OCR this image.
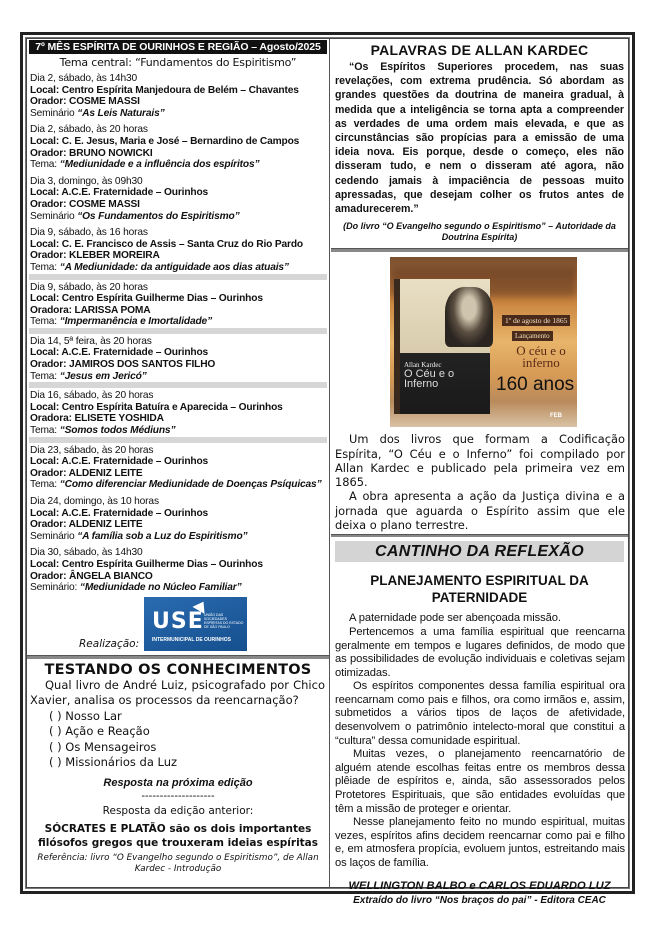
7º MÊS ESPÍRITA DE OURINHOS E REGIÃO – Agosto/2025
Tema central: “Fundamentos do Espiritismo”
Dia 2, sábado, às 14h30
Local: Centro Espírita Manjedoura de Belém – Chavantes
Orador: COSME MASSI
Seminário “As Leis Naturais”
Dia 2, sábado, às 20 horas
Local: C. E. Jesus, Maria e José – Bernardino de Campos
Orador: BRUNO NOWICKI
Tema: “Mediunidade e a influência dos espíritos”
Dia 3, domingo, às 09h30
Local: A.C.E. Fraternidade – Ourinhos
Orador: COSME MASSI
Seminário “Os Fundamentos do Espiritismo”
Dia 9, sábado, às 16 horas
Local: C. E. Francisco de Assis – Santa Cruz do Rio Pardo
Orador: KLEBER MOREIRA
Tema: “A Mediunidade: da antiguidade aos dias atuais”
Dia 9, sábado, às 20 horas
Local: Centro Espírita Guilherme Dias – Ourinhos
Oradora: LARISSA POMA
Tema: “Impermanência e Imortalidade”
Dia 14, 5ª feira, às 20 horas
Local: A.C.E. Fraternidade – Ourinhos
Orador: JAMIROS DOS SANTOS FILHO
Tema: “Jesus em Jericó”
Dia 16, sábado, às 20 horas
Local: Centro Espírita Batuíra e Aparecida – Ourinhos
Oradora: ELISETE YOSHIDA
Tema: “Somos todos Médiuns”
Dia 23, sábado, às 20 horas
Local: A.C.E. Fraternidade – Ourinhos
Orador: ALDENIZ LEITE
Tema: “Como diferenciar Mediunidade de Doenças Psíquicas”
Dia 24, domingo, às 10 horas
Local: A.C.E. Fraternidade – Ourinhos
Orador: ALDENIZ LEITE
Seminário “A família sob a Luz do Espiritismo”
Dia 30, sábado, às 14h30
Local: Centro Espírita Guilherme Dias – Ourinhos
Orador: ÂNGELA BIANCO
Seminário: “Mediunidade no Núcleo Familiar”
Realização:
USE UNIÃO DAS SOCIEDADES ESPÍRITAS DO ESTADO DE SÃO PAULO
INTERMUNICIPAL DE OURINHOS
TESTANDO OS CONHECIMENTOS
Qual livro de André Luiz, psicografado por Chico Xavier, analisa os processos da reencarnação?
( ) Nosso Lar
( ) Ação e Reação
( ) Os Mensageiros
( ) Missionários da Luz
Resposta na próxima edição
--------------------
Resposta da edição anterior:
SÓCRATES E PLATÃO são os dois importantes filósofos gregos que trouxeram ideias espíritas
Referência: livro “O Evangelho segundo o Espiritismo”, de Allan Kardec - Introdução
PALAVRAS DE ALLAN KARDEC
“Os Espíritos Superiores procedem, nas suas revelações, com extrema prudência. Só abordam as grandes questões da doutrina de maneira gradual, à medida que a inteligência se torna apta a compreender as verdades de uma ordem mais elevada, e que as circunstâncias são propícias para a emissão de uma ideia nova. Eis porque, desde o começo, eles não disseram tudo, e nem o disseram até agora, não cedendo jamais à impaciência de pessoas muito apressadas, que desejam colher os frutos antes de amadurecerem.”
(Do livro “O Evangelho segundo o Espiritismo” – Autoridade da Doutrina Espírita)
Allan Kardec
O Céu e o Inferno
1º de agosto de 1865
Lançamento
O céu e o inferno
160 anos
FEB

Um dos livros que formam a Codificação Espírita, “O Céu e o Inferno” foi compilado por Allan Kardec e publicado pela primeira vez em 1865.

A obra apresenta a ação da Justiça divina e a jornada que aguarda o Espírito assim que ele deixa o plano terrestre.

CANTINHO DA REFLEXÃO
PLANEJAMENTO ESPIRITUAL DA PATERNIDADE

A paternidade pode ser abençoada missão.

Pertencemos a uma família espiritual que reencarna geralmente em tempos e lugares definidos, de modo que as possibilidades de evolução individuais e coletivas sejam otimizadas.

Os espíritos componentes dessa família espiritual ora reencarnam como pais e filhos, ora como irmãos e, assim, submetidos a vários tipos de laços de afetividade, desenvolvem o patrimônio intelecto-moral que constitui a “cultura” dessa comunidade espiritual.

Muitas vezes, o planejamento reencarnatório de alguém atende escolhas feitas entre os membros dessa plêiade de espíritos e, ainda, são assessorados pelos Protetores Espirituais, que são entidades evoluídas que têm a missão de proteger e orientar.

Nesse planejamento feito no mundo espiritual, muitas vezes, espíritos afins decidem reencarnar como pai e filho e, em atmosfera propícia, evoluem juntos, estreitando mais os laços de família.

WELLINGTON BALBO e CARLOS EDUARDO LUZ
Extraído do livro “Nos braços do pai” - Editora CEAC
